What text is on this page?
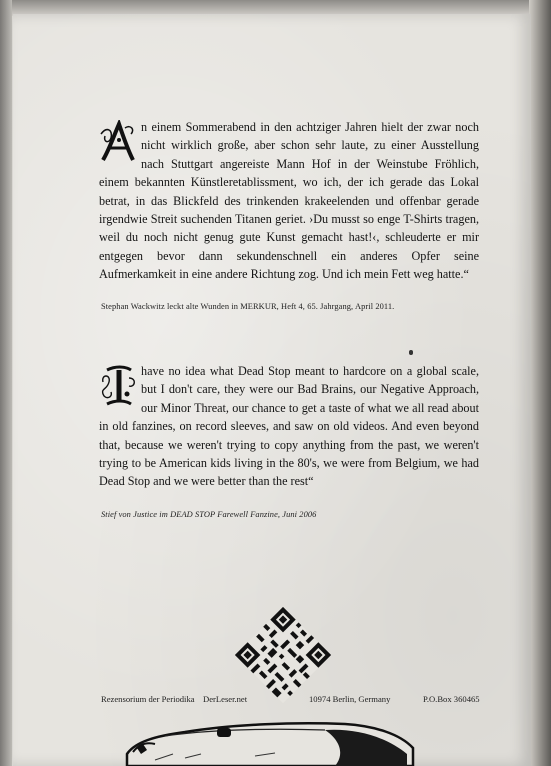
n einem Sommerabend in den achtziger Jahren hielt der zwar noch nicht wirklich große, aber schon sehr laute, zu einer Ausstellung nach Stuttgart angereiste Mann Hof in der Weinstube Fröhlich, einem bekannten Künstleretablissment, wo ich, der ich gerade das Lokal betrat, in das Blickfeld des trinkenden krakeelenden und offenbar gerade irgendwie Streit suchenden Titanen geriet. ›Du musst so enge T-Shirts tragen, weil du noch nicht genug gute Kunst gemacht hast!‹, schleuderte er mir entgegen bevor dann sekundenschnell ein anderes Opfer seine Aufmerkamkeit in eine andere Richtung zog. Und ich mein Fett weg hatte.“

Stephan Wackwitz leckt alte Wunden in MERKUR, Heft 4, 65. Jahrgang, April 2011.

have no idea what Dead Stop meant to hardcore on a global scale, but I don't care, they were our Bad Brains, our Negative Approach, our Minor Threat, our chance to get a taste of what we all read about in old fanzines, on record sleeves, and saw on old videos. And even beyond that, because we weren't trying to copy anything from the past, we weren't trying to be American kids living in the 80's, we were from Belgium, we had Dead Stop and we were better than the rest“

Stief von Justice im DEAD STOP Farewell Fanzine, Juni 2006
Rezensorium der Periodika DerLeser.net	10974 Berlin, Germany	P.O.Box 360465
